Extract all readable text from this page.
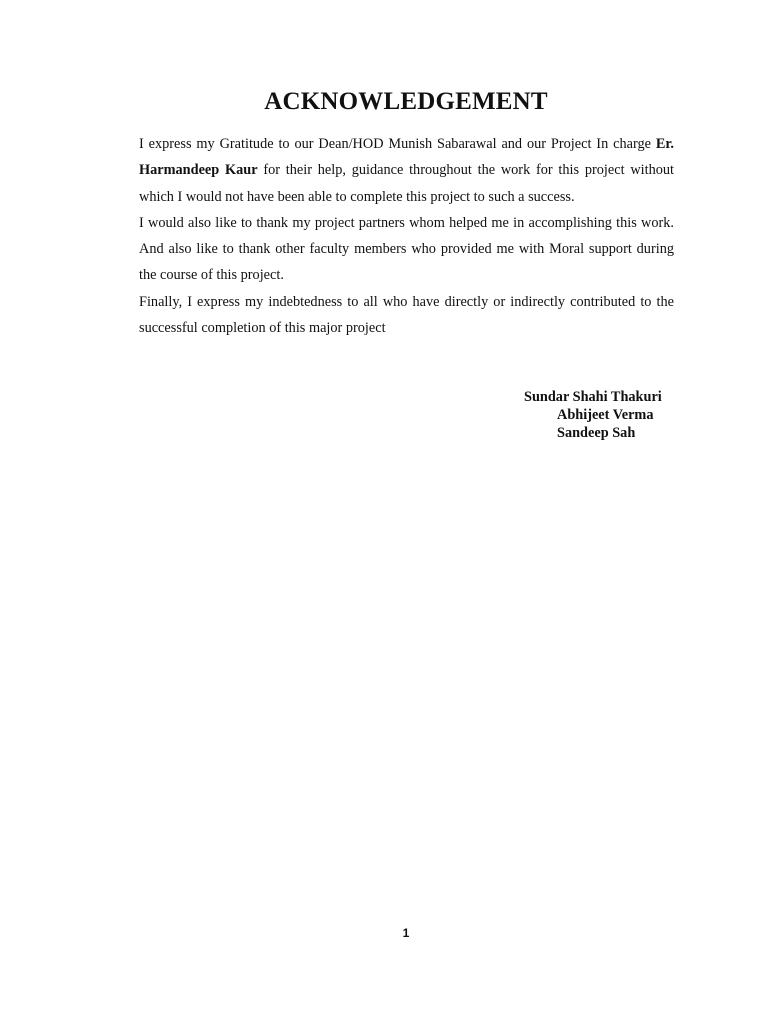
ACKNOWLEDGEMENT

I express my Gratitude to our Dean/HOD Munish Sabarawal and our Project In charge Er. Harmandeep Kaur for their help, guidance throughout the work for this project without which I would not have been able to complete this project to such a success.

I would also like to thank my project partners whom helped me in accomplishing this work. And also like to thank other faculty members who provided me with Moral support during the course of this project.

Finally, I express my indebtedness to all who have directly or indirectly contributed to the successful completion of this major project

Sundar Shahi Thakuri
Abhijeet Verma
Sandeep Sah
1
